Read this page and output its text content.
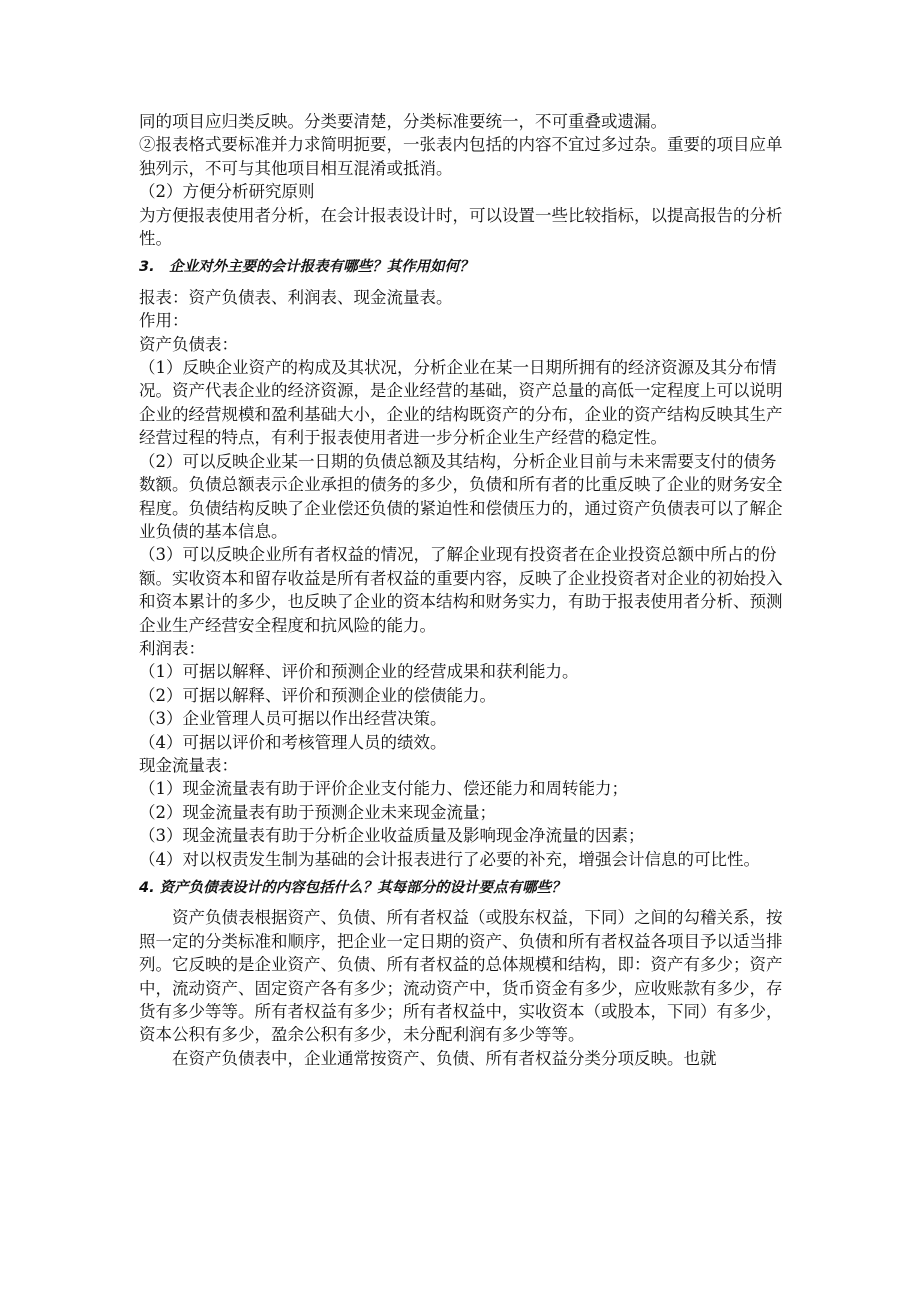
同的项目应归类反映。分类要清楚，分类标准要统一，不可重叠或遗漏。

②报表格式要标准并力求简明扼要，一张表内包括的内容不宜过多过杂。重要的项目应单独列示，不可与其他项目相互混淆或抵消。

（2）方便分析研究原则

为方便报表使用者分析，在会计报表设计时，可以设置一些比较指标，以提高报告的分析性。

3.　企业对外主要的会计报表有哪些？其作用如何？

报表：资产负债表、利润表、现金流量表。

作用：

资产负债表：

（1）反映企业资产的构成及其状况，分析企业在某一日期所拥有的经济资源及其分布情况。资产代表企业的经济资源，是企业经营的基础，资产总量的高低一定程度上可以说明企业的经营规模和盈利基础大小，企业的结构既资产的分布，企业的资产结构反映其生产经营过程的特点，有利于报表使用者进一步分析企业生产经营的稳定性。

（2）可以反映企业某一日期的负债总额及其结构，分析企业目前与未来需要支付的债务数额。负债总额表示企业承担的债务的多少，负债和所有者的比重反映了企业的财务安全程度。负债结构反映了企业偿还负债的紧迫性和偿债压力的，通过资产负债表可以了解企业负债的基本信息。

（3）可以反映企业所有者权益的情况，了解企业现有投资者在企业投资总额中所占的份额。实收资本和留存收益是所有者权益的重要内容，反映了企业投资者对企业的初始投入和资本累计的多少，也反映了企业的资本结构和财务实力，有助于报表使用者分析、预测企业生产经营安全程度和抗风险的能力。

利润表：

（1）可据以解释、评价和预测企业的经营成果和获利能力。

（2）可据以解释、评价和预测企业的偿债能力。

（3）企业管理人员可据以作出经营决策。

（4）可据以评价和考核管理人员的绩效。

现金流量表：

（1）现金流量表有助于评价企业支付能力、偿还能力和周转能力；

（2）现金流量表有助于预测企业未来现金流量；

（3）现金流量表有助于分析企业收益质量及影响现金净流量的因素；

（4）对以权责发生制为基础的会计报表进行了必要的补充，增强会计信息的可比性。

4. 资产负债表设计的内容包括什么？其每部分的设计要点有哪些？

资产负债表根据资产、负债、所有者权益（或股东权益，下同）之间的勾稽关系，按照一定的分类标准和顺序，把企业一定日期的资产、负债和所有者权益各项目予以适当排列。它反映的是企业资产、负债、所有者权益的总体规模和结构，即：资产有多少；资产中，流动资产、固定资产各有多少；流动资产中，货币资金有多少，应收账款有多少，存货有多少等等。所有者权益有多少；所有者权益中，实收资本（或股本，下同）有多少，资本公积有多少，盈余公积有多少，未分配利润有多少等等。

在资产负债表中，企业通常按资产、负债、所有者权益分类分项反映。也就
